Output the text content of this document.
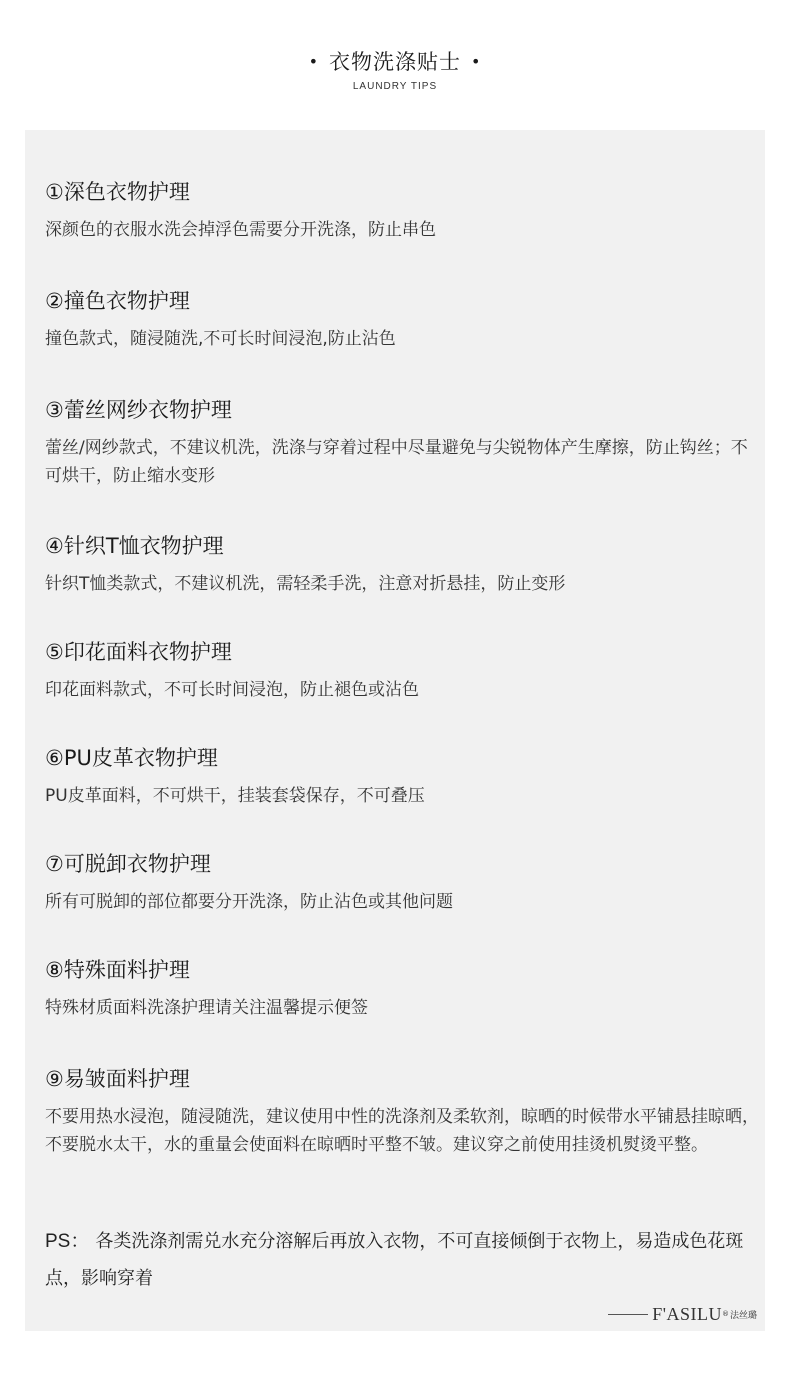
• 衣物洗涤贴士 •
LAUNDRY TIPS
①深色衣物护理
深颜色的衣服水洗会掉浮色需要分开洗涤，防止串色
②撞色衣物护理
撞色款式，随浸随洗,不可长时间浸泡,防止沾色
③蕾丝网纱衣物护理
蕾丝/网纱款式，不建议机洗，洗涤与穿着过程中尽量避免与尖锐物体产生摩擦，防止钩丝；不可烘干，防止缩水变形
④针织T恤衣物护理
针织T恤类款式，不建议机洗，需轻柔手洗，注意对折悬挂，防止变形
⑤印花面料衣物护理
印花面料款式，不可长时间浸泡，防止褪色或沾色
⑥PU皮革衣物护理
PU皮革面料，不可烘干，挂装套袋保存，不可叠压
⑦可脱卸衣物护理
所有可脱卸的部位都要分开洗涤，防止沾色或其他问题
⑧特殊面料护理
特殊材质面料洗涤护理请关注温馨提示便签
⑨易皱面料护理
不要用热水浸泡，随浸随洗，建议使用中性的洗涤剂及柔软剂，晾晒的时候带水平铺悬挂晾晒，不要脱水太干，水的重量会使面料在晾晒时平整不皱。建议穿之前使用挂烫机熨烫平整。
PS： 各类洗涤剂需兑水充分溶解后再放入衣物，不可直接倾倒于衣物上，易造成色花斑点，影响穿着
F'ASILU ® 法丝璐
